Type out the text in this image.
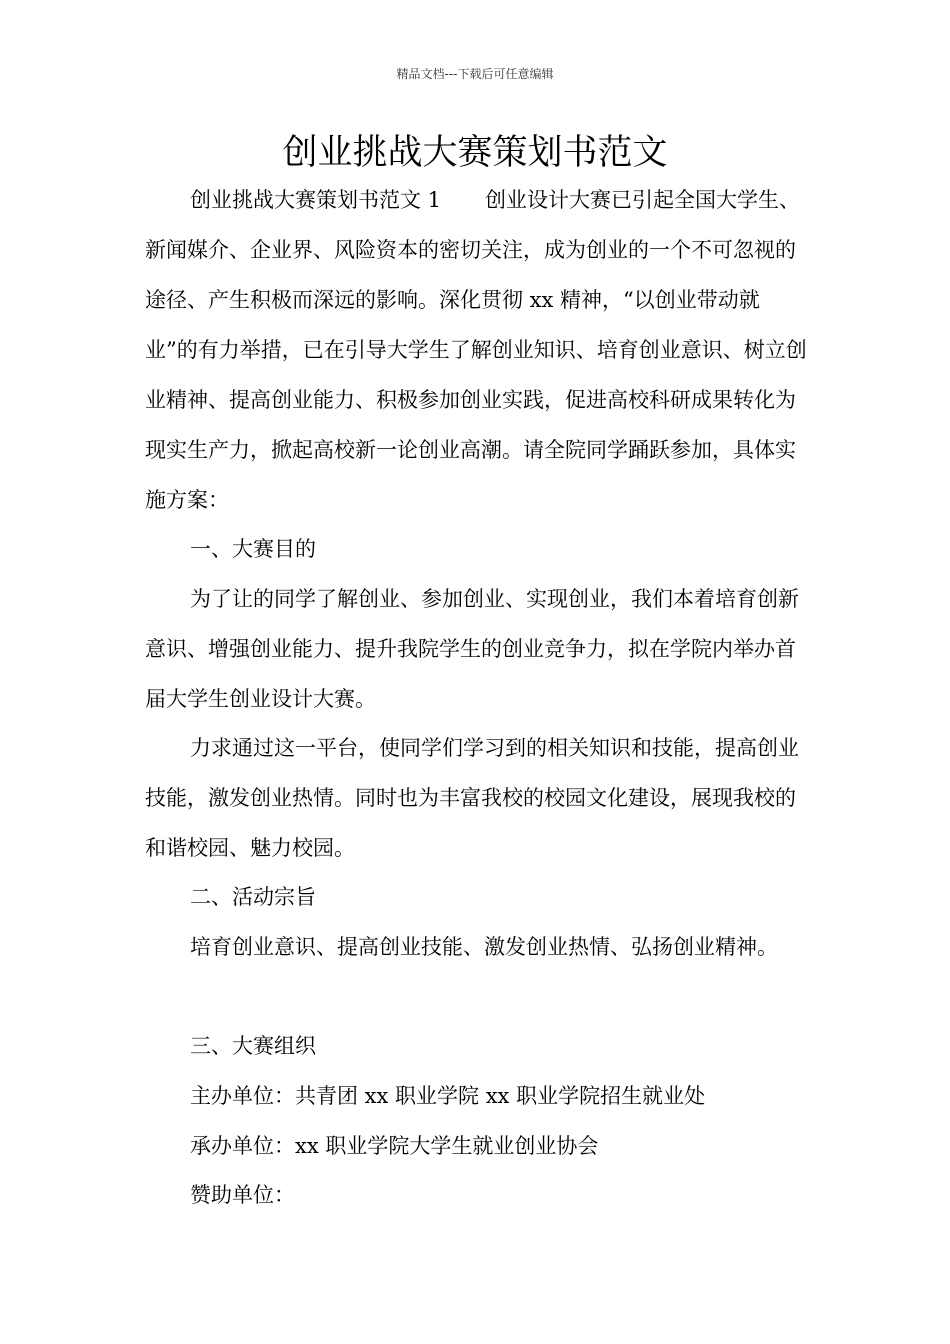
精品文档---下载后可任意编辑
创业挑战大赛策划书范文

创业挑战大赛策划书范文 1 创业设计大赛已引起全国大学生、新闻媒介、企业界、风险资本的密切关注，成为创业的一个不可忽视的途径、产生积极而深远的影响。深化贯彻 xx 精神，“以创业带动就业”的有力举措，已在引导大学生了解创业知识、培育创业意识、树立创业精神、提高创业能力、积极参加创业实践，促进高校科研成果转化为现实生产力，掀起高校新一论创业高潮。请全院同学踊跃参加，具体实施方案：

一、大赛目的

为了让的同学了解创业、参加创业、实现创业，我们本着培育创新意识、增强创业能力、提升我院学生的创业竞争力，拟在学院内举办首届大学生创业设计大赛。

力求通过这一平台，使同学们学习到的相关知识和技能，提高创业技能，激发创业热情。同时也为丰富我校的校园文化建设，展现我校的和谐校园、魅力校园。

二、活动宗旨

培育创业意识、提高创业技能、激发创业热情、弘扬创业精神。

三、大赛组织

主办单位：共青团 xx 职业学院 xx 职业学院招生就业处

承办单位：xx 职业学院大学生就业创业协会

赞助单位：
